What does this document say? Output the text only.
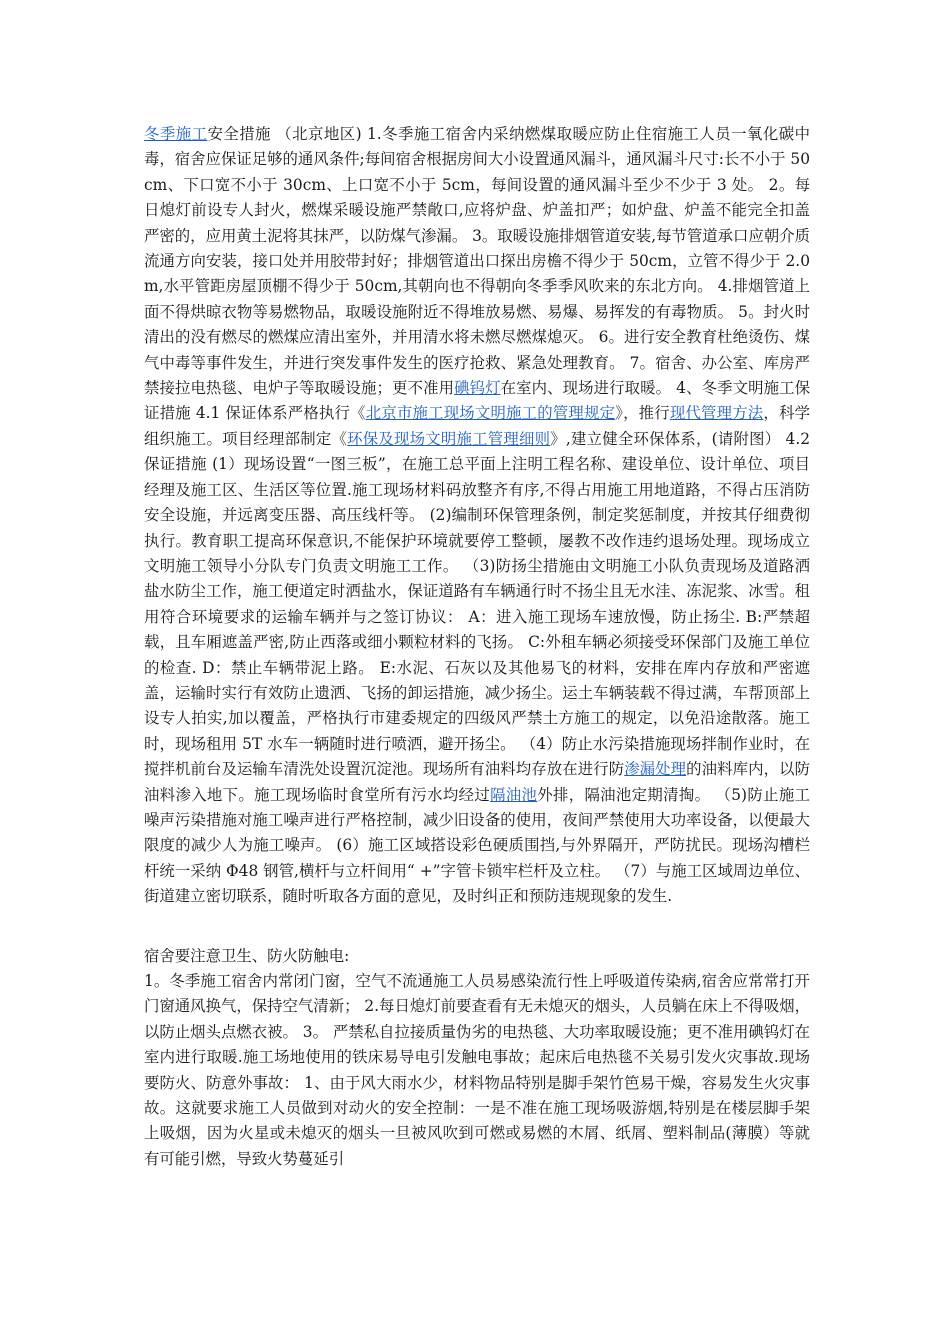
冬季施工安全措施 （北京地区) 1.冬季施工宿舍内采纳燃煤取暖应防止住宿施工人员一氧化碳中毒，宿舍应保证足够的通风条件;每间宿舍根据房间大小设置通风漏斗，通风漏斗尺寸:长不小于 50cm、下口宽不小于 30cm、上口宽不小于 5cm，每间设置的通风漏斗至少不少于 3 处。 2。每日熄灯前设专人封火，燃煤采暖设施严禁敞口,应将炉盘、炉盖扣严；如炉盘、炉盖不能完全扣盖严密的，应用黄土泥将其抹严，以防煤气渗漏。 3。取暖设施排烟管道安装,每节管道承口应朝介质流通方向安装，接口处并用胶带封好；排烟管道出口探出房檐不得少于 50cm，立管不得少于 2.0m,水平管距房屋顶棚不得少于 50cm,其朝向也不得朝向冬季季风吹来的东北方向。 4.排烟管道上面不得烘晾衣物等易燃物品，取暖设施附近不得堆放易燃、易爆、易挥发的有毒物质。 5。封火时清出的没有燃尽的燃煤应清出室外，并用清水将未燃尽燃煤熄灭。 6。进行安全教育杜绝烫伤、煤气中毒等事件发生，并进行突发事件发生的医疗抢救、紧急处理教育。 7。宿舍、办公室、库房严禁接拉电热毯、电炉子等取暖设施；更不准用碘钨灯在室内、现场进行取暖。 4、冬季文明施工保证措施 4.1 保证体系严格执行《北京市施工现场文明施工的管理规定》，推行现代管理方法，科学组织施工。项目经理部制定《环保及现场文明施工管理细则》,建立健全环保体系，(请附图） 4.2 保证措施 (1）现场设置“一图三板”，在施工总平面上注明工程名称、建设单位、设计单位、项目经理及施工区、生活区等位置.施工现场材料码放整齐有序,不得占用施工用地道路，不得占压消防安全设施，并远离变压器、高压线杆等。 (2)编制环保管理条例，制定奖惩制度，并按其仔细费彻执行。教育职工提高环保意识,不能保护环境就要停工整顿，屡教不改作违约退场处理。现场成立文明施工领导小分队专门负责文明施工工作。 （3)防扬尘措施由文明施工小队负责现场及道路洒盐水防尘工作，施工便道定时洒盐水，保证道路有车辆通行时不扬尘且无水洼、冻泥浆、冰雪。租用符合环境要求的运输车辆并与之签订协议： A：进入施工现场车速放慢，防止扬尘. B:严禁超载，且车厢遮盖严密,防止西落或细小颗粒材料的飞扬。 C:外租车辆必须接受环保部门及施工单位的检查. D：禁止车辆带泥上路。 E:水泥、石灰以及其他易飞的材料，安排在库内存放和严密遮盖，运输时实行有效防止遗洒、飞扬的卸运措施，减少扬尘。运土车辆装载不得过满，车帮顶部上设专人拍实,加以覆盖，严格执行市建委规定的四级风严禁土方施工的规定，以免沿途散落。施工时，现场租用 5T 水车一辆随时进行喷洒，避开扬尘。 （4）防止水污染措施现场拌制作业时，在搅拌机前台及运输车清洗处设置沉淀池。现场所有油料均存放在进行防渗漏处理的油料库内，以防油料渗入地下。施工现场临时食堂所有污水均经过隔油池外排，隔油池定期清掏。 （5)防止施工噪声污染措施对施工噪声进行严格控制，减少旧设备的使用，夜间严禁使用大功率设备，以便最大限度的减少人为施工噪声。 (6）施工区域搭设彩色硬质围挡,与外界隔开，严防扰民。现场沟槽栏杆统一采纳 Φ48 钢管,横杆与立杆间用“ +”字管卡锁牢栏杆及立柱。 （7）与施工区域周边单位、街道建立密切联系，随时听取各方面的意见，及时纠正和预防违规现象的发生.

宿舍要注意卫生、防火防触电:

1。冬季施工宿舍内常闭门窗，空气不流通施工人员易感染流行性上呼吸道传染病,宿舍应常常打开门窗通风换气，保持空气清新； 2.每日熄灯前要查看有无未熄灭的烟头，人员躺在床上不得吸烟，以防止烟头点燃衣被。 3。 严禁私自拉接质量伪劣的电热毯、大功率取暖设施；更不准用碘钨灯在室内进行取暖.施工场地使用的铁床易导电引发触电事故；起床后电热毯不关易引发火灾事故.现场要防火、防意外事故： 1、由于风大雨水少，材料物品特别是脚手架竹笆易干燥，容易发生火灾事故。这就要求施工人员做到对动火的安全控制：一是不准在施工现场吸游烟,特别是在楼层脚手架上吸烟，因为火星或未熄灭的烟头一旦被风吹到可燃或易燃的木屑、纸屑、塑料制品(薄膜）等就有可能引燃，导致火势蔓延引
